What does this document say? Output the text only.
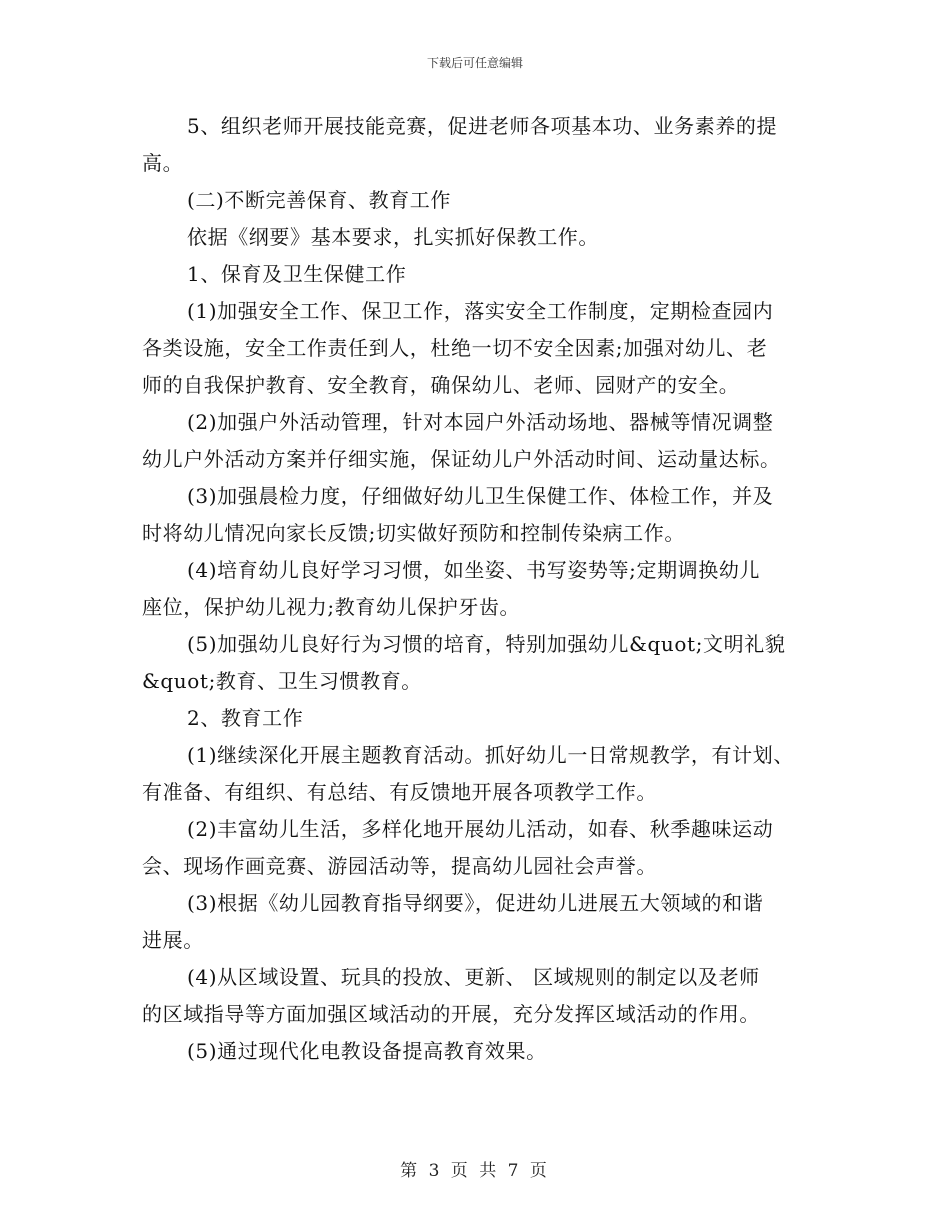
下载后可任意编辑

5、组织老师开展技能竞赛，促进老师各项基本功、业务素养的提
高。

(二)不断完善保育、教育工作

依据《纲要》基本要求，扎实抓好保教工作。

1、保育及卫生保健工作

(1)加强安全工作、保卫工作，落实安全工作制度，定期检查园内
各类设施，安全工作责任到人，杜绝一切不安全因素;加强对幼儿、老
师的自我保护教育、安全教育，确保幼儿、老师、园财产的安全。

(2)加强户外活动管理，针对本园户外活动场地、器械等情况调整
幼儿户外活动方案并仔细实施，保证幼儿户外活动时间、运动量达标。

(3)加强晨检力度，仔细做好幼儿卫生保健工作、体检工作，并及
时将幼儿情况向家长反馈;切实做好预防和控制传染病工作。

(4)培育幼儿良好学习习惯，如坐姿、书写姿势等;定期调换幼儿
座位，保护幼儿视力;教育幼儿保护牙齿。

(5)加强幼儿良好行为习惯的培育，特别加强幼儿&quot;文明礼貌
&quot;教育、卫生习惯教育。

2、教育工作

(1)继续深化开展主题教育活动。抓好幼儿一日常规教学，有计划、
有准备、有组织、有总结、有反馈地开展各项教学工作。

(2)丰富幼儿生活，多样化地开展幼儿活动，如春、秋季趣味运动
会、现场作画竞赛、游园活动等，提高幼儿园社会声誉。

(3)根据《幼儿园教育指导纲要》，促进幼儿进展五大领域的和谐
进展。

(4)从区域设置、玩具的投放、更新、 区域规则的制定以及老师
的区域指导等方面加强区域活动的开展，充分发挥区域活动的作用。

(5)通过现代化电教设备提高教育效果。

第 3 页 共 7 页
